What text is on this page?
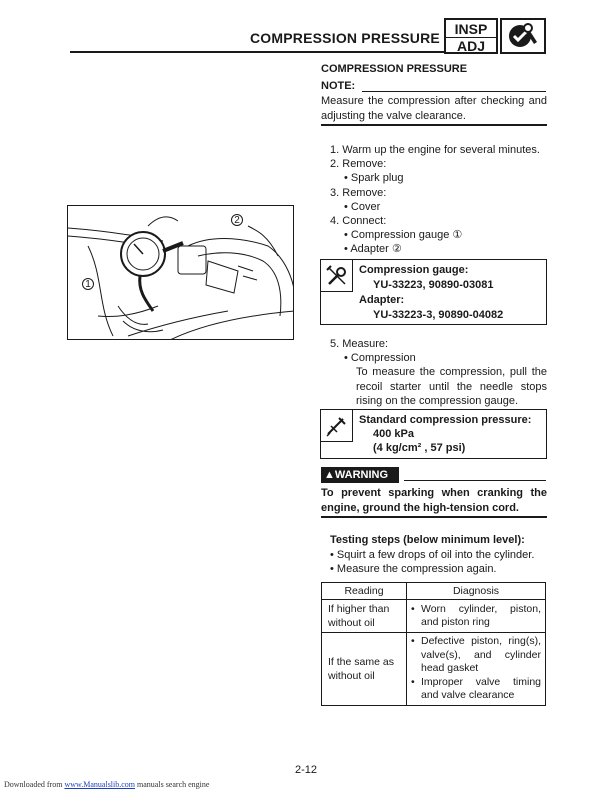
COMPRESSION PRESSURE
INSP
ADJ
2
1
COMPRESSION PRESSURE
NOTE:
Measure the compression after checking and adjusting the valve clearance.
1. Warm up the engine for several minutes.
2. Remove:
• Spark plug
3. Remove:
• Cover
4. Connect:
• Compression gauge ①
• Adapter ②
Compression gauge:
YU-33223, 90890-03081
Adapter:
YU-33223-3, 90890-04082
5. Measure:
• Compression
To measure the compression, pull the recoil starter until the needle stops rising on the compression gauge.
Standard compression pressure:
400 kPa
(4 kg/cm² , 57 psi)
▲WARNING
To prevent sparking when cranking the engine, ground the high-tension cord.
Testing steps (below minimum level):
• Squirt a few drops of oil into the cylinder.
• Measure the compression again.
Reading	Diagnosis
If higher than without oil	• Worn cylinder, piston, and piston ring

If the same as without oil	• Defective piston, ring(s), valve(s), and cylinder head gasket
• Improper valve timing and valve clearance
2-12
Downloaded from www.Manualslib.com manuals search engine
